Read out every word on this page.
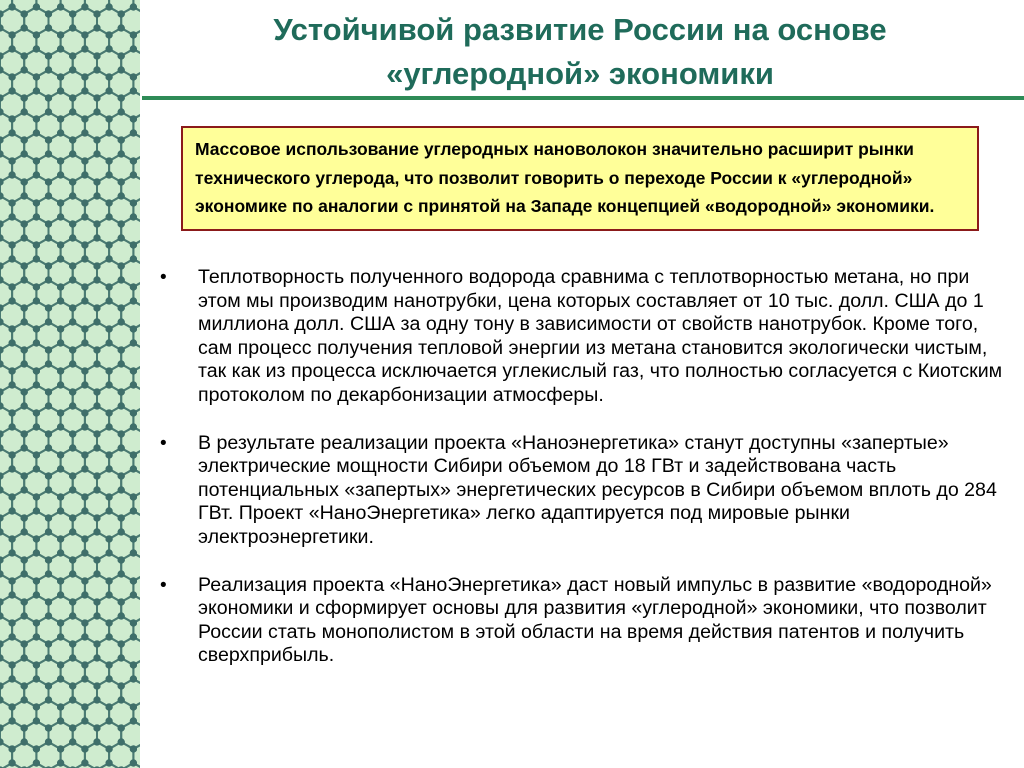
Устойчивой развитие России на основе
«углеродной» экономики
Массовое использование углеродных нановолокон значительно расширит рынки технического углерода, что позволит говорить о переходе России к «углеродной» экономике по аналогии с принятой на Западе концепцией «водородной» экономики.
•	Теплотворность полученного водорода сравнима с теплотворностью метана, но при этом мы производим нанотрубки, цена которых составляет от 10 тыс. долл. США до 1 миллиона долл. США за одну тону в зависимости от свойств нанотрубок. Кроме того, сам процесс получения тепловой энергии из метана становится экологически чистым, так как из процесса исключается углекислый газ, что полностью согласуется с Киотским протоколом по декарбонизации атмосферы.
•	В результате реализации проекта «Наноэнергетика» станут доступны «запертые» электрические мощности Сибири объемом до 18 ГВт и задействована часть потенциальных «запертых» энергетических ресурсов в Сибири объемом вплоть до 284 ГВт. Проект «НаноЭнергетика» легко адаптируется под мировые рынки электроэнергетики.
•	Реализация проекта «НаноЭнергетика» даст новый импульс в развитие «водородной» экономики и сформирует основы для развития «углеродной» экономики, что позволит России стать монополистом в этой области на время действия патентов и получить сверхприбыль.
